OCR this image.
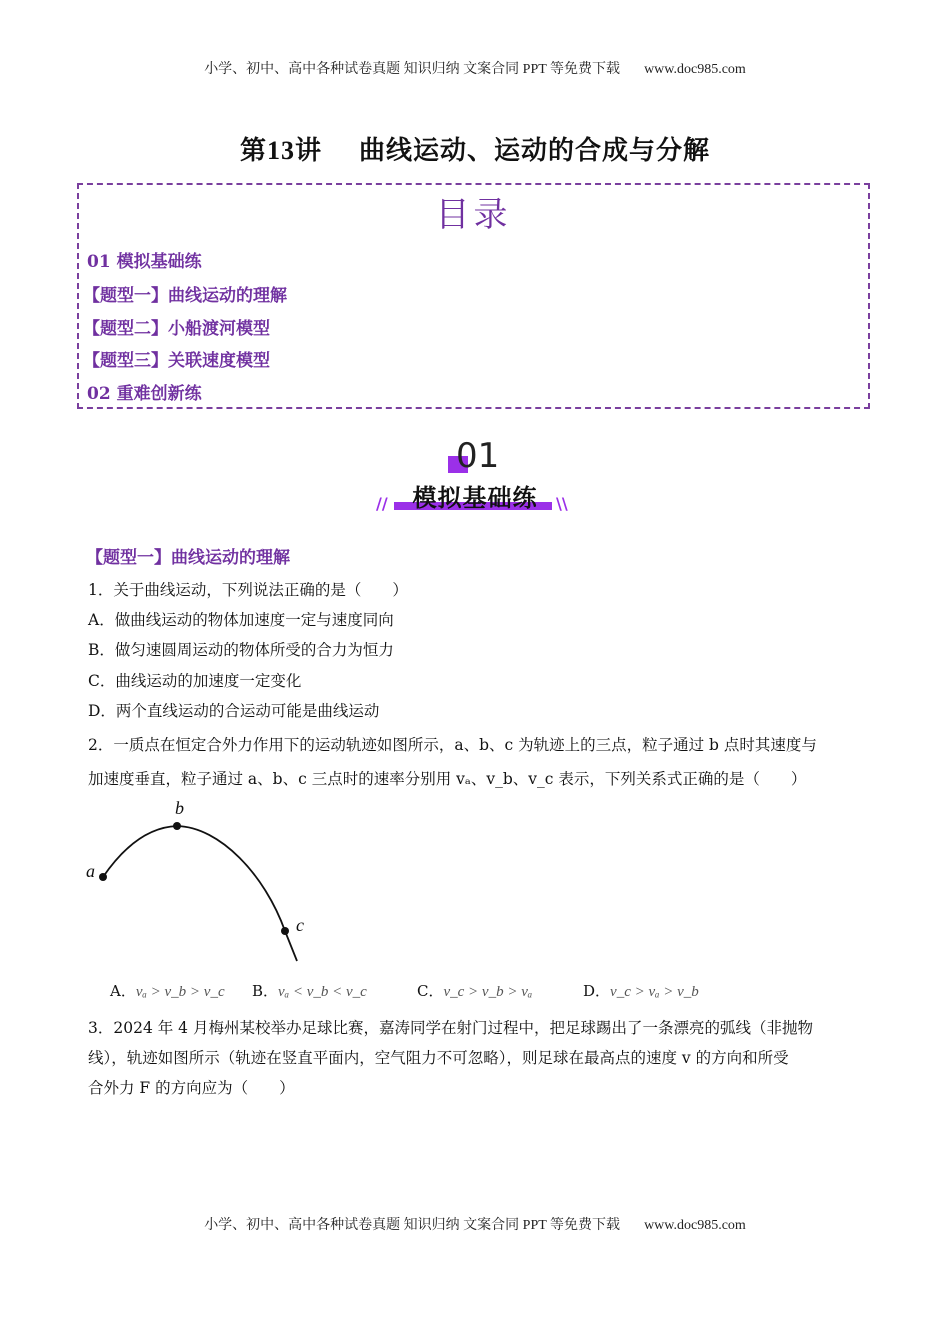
小学、初中、高中各种试卷真题 知识归纳 文案合同 PPT 等免费下载 www.doc985.com
第13讲　 曲线运动、运动的合成与分解
目录
01 模拟基础练
【题型一】曲线运动的理解
【题型二】小船渡河模型
【题型三】关联速度模型
02 重难创新练
01
模拟基础练
//	\\
【题型一】曲线运动的理解
1．关于曲线运动，下列说法正确的是（　　）
A．做曲线运动的物体加速度一定与速度同向
B．做匀速圆周运动的物体所受的合力为恒力
C．曲线运动的加速度一定变化
D．两个直线运动的合运动可能是曲线运动
2．一质点在恒定合外力作用下的运动轨迹如图所示，a、b、c 为轨迹上的三点，粒子通过 b 点时其速度与
加速度垂直，粒子通过 a、b、c 三点时的速率分别用 vₐ、v_b、v_c 表示，下列关系式正确的是（　　）
a
b
c
A．vₐ > v_b > v_c B．vₐ < v_b < v_c	C．v_c > v_b > vₐ	D．v_c > vₐ > v_b
3．2024 年 4 月梅州某校举办足球比赛，嘉涛同学在射门过程中，把足球踢出了一条漂亮的弧线（非抛物
线），轨迹如图所示（轨迹在竖直平面内，空气阻力不可忽略），则足球在最高点的速度 v 的方向和所受
合外力 F 的方向应为（　　）
小学、初中、高中各种试卷真题 知识归纳 文案合同 PPT 等免费下载 www.doc985.com
